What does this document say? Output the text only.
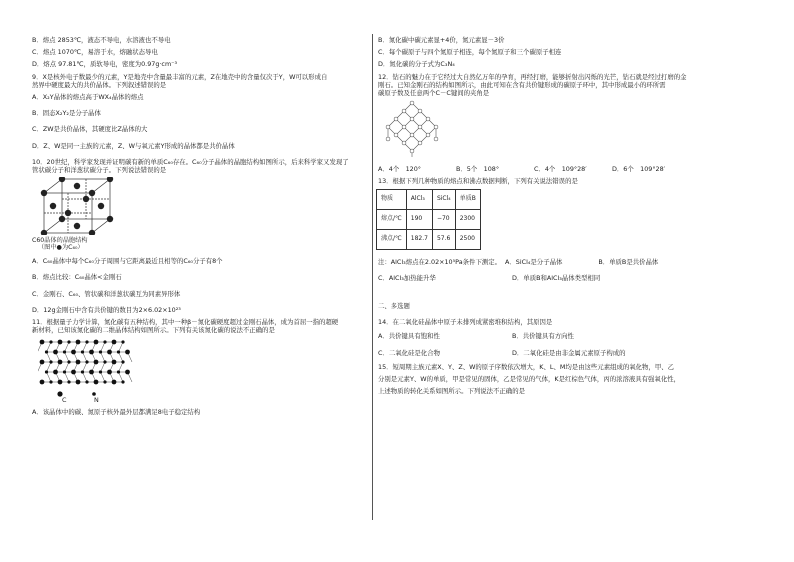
B．熔点 2853℃，液态不导电，水溶液也不导电

C．熔点 1070℃，易溶于水，熔融状态导电

D．熔点 97.81℃，质软导电，密度为0.97g·cm⁻³

9．X是核外电子数最少的元素，Y是地壳中含量最丰富的元素，Z在地壳中的含量仅次于Y，W可以形成自

然界中硬度最大的共价晶体。下列叙述错误的是

A．X₂Y晶体的熔点高于WX₄晶体的熔点

B．固态X₂Y₂是分子晶体

C．ZW是共价晶体，其硬度比Z晶体的大

D．Z、W是同一主族的元素，Z、W与氧元素Y形成的晶体都是共价晶体

10．20世纪，科学家发现并证明碳有新的单质C₆₀存在。C₆₀分子晶体的晶胞结构如图所示，后来科学家又发现了

管状碳分子和洋葱状碳分子。下列说法错误的是

C60晶体的晶胞结构

（图中●为C₆₀）

A．C₆₀晶体中每个C₆₀分子周围与它距离最近且相等的C₆₀分子有8个

B．熔点比较：C₆₀晶体<金刚石

C．金刚石、C₆₀、管状碳和洋葱状碳互为同素异形体

D．12g金刚石中含有共价键的数目为2×6.02×10²³

11．根据量子力学计算，氮化碳有五种结构，其中一种β－氮化碳硬度超过金刚石晶体，成为首屈一指的超硬

新材料，已知该氮化碳的二维晶体结构如图所示。下列有关该氮化碳的说法不正确的是

C	N

A．该晶体中的碳、氮原子核外最外层都满足8电子稳定结构

B．氮化碳中碳元素显+4价，氮元素显－3价

C．每个碳原子与四个氮原子相连，每个氮原子和三个碳原子相连

D．氮化碳的分子式为C₃N₄

12．钻石的魅力在于它经过大自然亿万年的孕育，再经打磨，能够折射出闪烁的光芒，钻石就是经过打磨的金

刚石。已知金刚石的结构如图所示，由此可知在含有共价键形成的碳原子环中，其中形成最小的环所需

碳原子数及任意两个C－C键间的夹角是

A．4个　120°	B．5个　108°	C．4个　109°28′	D．6个　109°28′

13．根据下列几种物质的熔点和沸点数据判断，下列有关说法错误的是

物质	AlCl₃	SiCl₄	单质B
熔点/℃	190	−70	2300
沸点/℃	182.7	57.6	2500

注：AlCl₃熔点在2.02×10⁵Pa条件下测定。 A．SiCl₄是分子晶体	B．单质B是共价晶体

C．AlCl₃加热能升华	D．单质B和AlCl₃晶体类型相同

二、多选题

14．在二氧化硅晶体中原子未排列成紧密堆积结构，其原因是

A．共价键具有饱和性	B．共价键具有方向性

C．二氧化硅是化合物	D．二氧化硅是由非金属元素原子构成的

15．短周期主族元素X、Y、Z、W的原子序数依次增大，K、L、M均是由这些元素组成的氧化物，甲、乙

分别是元素Y、W的单质，甲是常见的固体，乙是常见的气体，K是红棕色气体，丙的浓溶液具有强氧化性，

上述物质的转化关系如图所示。下列说法不正确的是
